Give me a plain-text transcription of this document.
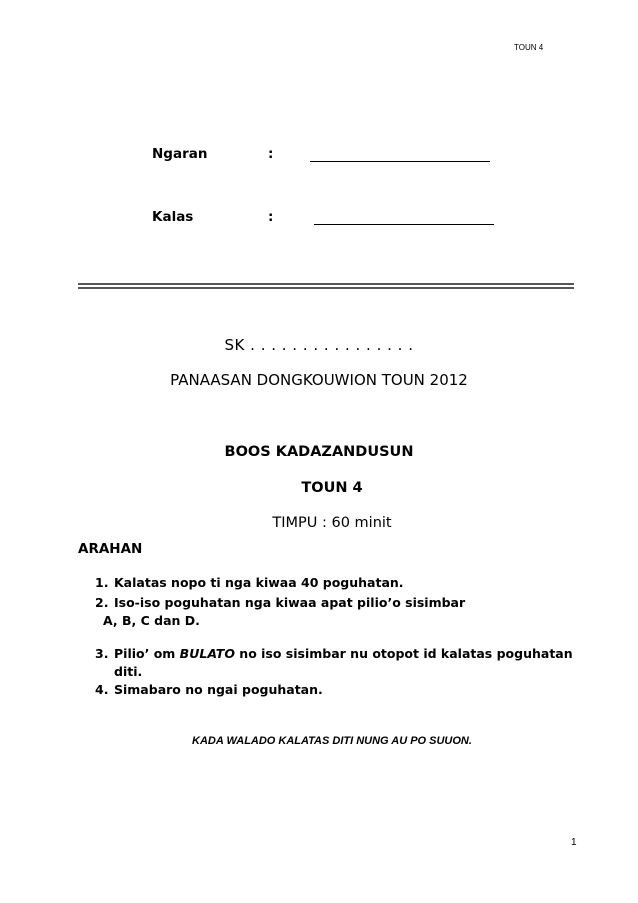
TOUN 4
Ngaran	:
Kalas	:
SK . . . . . . . . . . . . . . . .
PANAASAN DONGKOUWION TOUN 2012
BOOS KADAZANDUSUN
TOUN 4
TIMPU : 60 minit
ARAHAN
1. Kalatas nopo ti nga kiwaa 40 poguhatan.
2. Iso-iso poguhatan nga kiwaa apat pilio’o sisimbar
A, B, C dan D.
3. Pilio’ om BULATO no iso sisimbar nu otopot id kalatas poguhatan
diti.
4. Simabaro no ngai poguhatan.
KADA WALADO KALATAS DITI NUNG AU PO SUUON.
1
